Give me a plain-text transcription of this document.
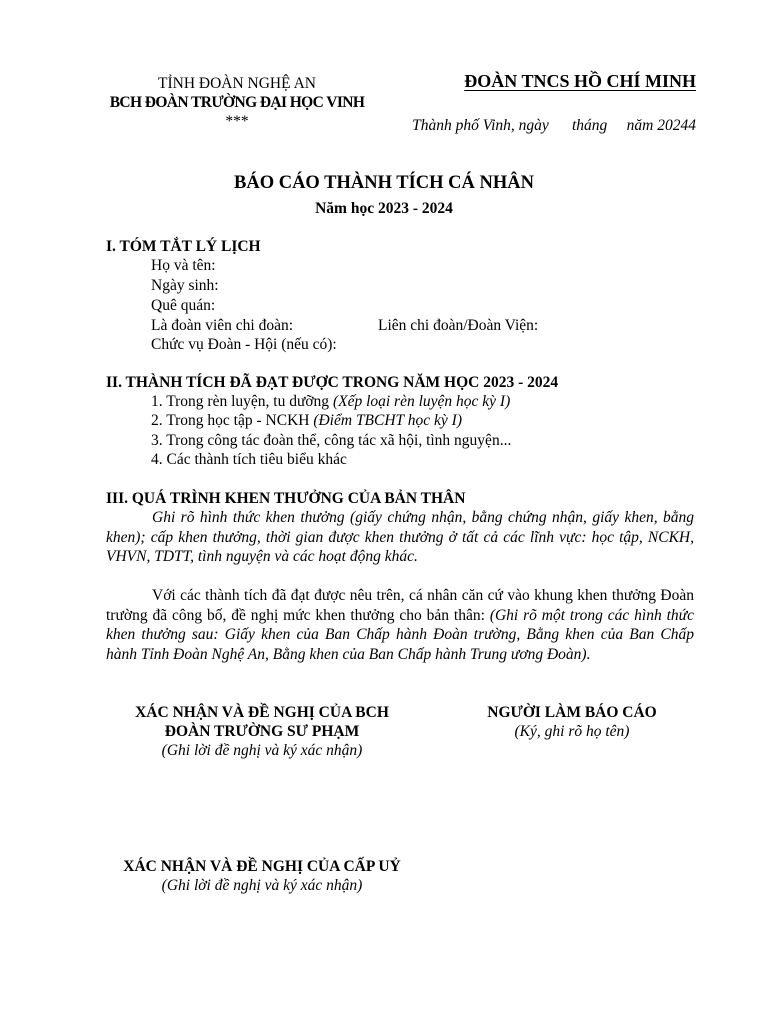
TỈNH ĐOÀN NGHỆ AN
BCH ĐOÀN TRƯỜNG ĐẠI HỌC VINH
***
ĐOÀN TNCS HỒ CHÍ MINH
Thành phố Vinh, ngày      tháng     năm 20244
BÁO CÁO THÀNH TÍCH CÁ NHÂN
Năm học 2023 - 2024
I. TÓM TẮT LÝ LỊCH
Họ và tên:
Ngày sinh:
Quê quán:
Là đoàn viên chi đoàn:	Liên chi đoàn/Đoàn Viện:
Chức vụ Đoàn - Hội (nếu có):
II. THÀNH TÍCH ĐÃ ĐẠT ĐƯỢC TRONG NĂM HỌC 2023 - 2024
1. Trong rèn luyện, tu dưỡng (Xếp loại rèn luyện học kỳ I)
2. Trong học tập - NCKH (Điểm TBCHT học kỳ I)
3. Trong công tác đoàn thể, công tác xã hội, tình nguyện...
4. Các thành tích tiêu biểu khác
III. QUÁ TRÌNH KHEN THƯỞNG CỦA BẢN THÂN
Ghi rõ hình thức khen thưởng (giấy chứng nhận, bằng chứng nhận, giấy khen, bằng khen); cấp khen thưởng, thời gian được khen thưởng ở tất cả các lĩnh vực: học tập, NCKH, VHVN, TDTT, tình nguyện và các hoạt động khác.
Với các thành tích đã đạt được nêu trên, cá nhân căn cứ vào khung khen thưởng Đoàn trường đã công bố, đề nghị mức khen thưởng cho bản thân: (Ghi rõ một trong các hình thức khen thưởng sau: Giấy khen của Ban Chấp hành Đoàn trường, Bằng khen của Ban Chấp hành Tỉnh Đoàn Nghệ An, Bằng khen của Ban Chấp hành Trung ương Đoàn).
XÁC NHẬN VÀ ĐỀ NGHỊ CỦA BCH
ĐOÀN TRƯỜNG SƯ PHẠM
(Ghi lời đề nghị và ký xác nhận)
NGƯỜI LÀM BÁO CÁO
(Ký, ghi rõ họ tên)
XÁC NHẬN VÀ ĐỀ NGHỊ CỦA CẤP UỶ
(Ghi lời đề nghị và ký xác nhận)
